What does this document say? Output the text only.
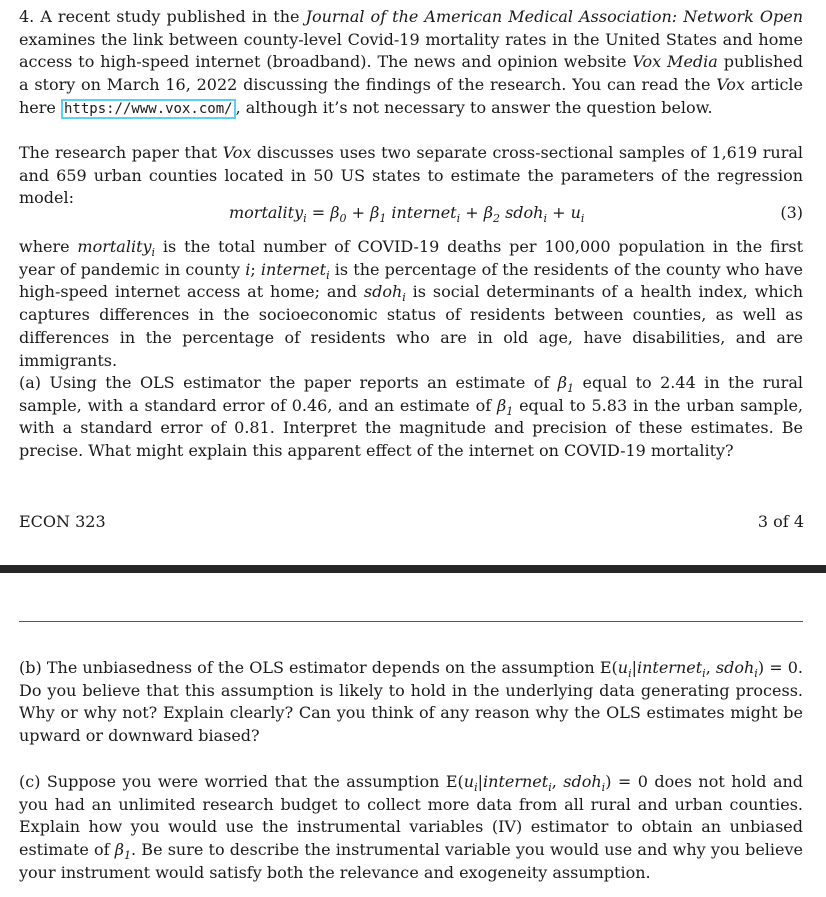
4. A recent study published in the Journal of the American Medical Association: Network Open examines the link between county-level Covid-19 mortality rates in the United States and home access to high-speed internet (broadband). The news and opinion website Vox Media published a story on March 16, 2022 discussing the findings of the research. You can read the Vox article here https://www.vox.com/ , although it’s not necessary to answer the question below.

The research paper that Vox discusses uses two separate cross-sectional samples of 1,619 rural and 659 urban counties located in 50 US states to estimate the parameters of the regression model:

mortality$_i$ = $\beta_0 + \beta_1$ internet$_i$ + $\beta_2$ sdoh$_i$ + $u_i$	(3)

where mortality$_i$ is the total number of COVID-19 deaths per 100,000 population in the first year of pandemic in county i; internet$_i$ is the percentage of the residents of the county who have high-speed internet access at home; and sdoh$_i$ is social determinants of a health index, which captures differences in the socioeconomic status of residents between counties, as well as differences in the percentage of residents who are in old age, have disabilities, and are immigrants.

(a) Using the OLS estimator the paper reports an estimate of $\beta_1$ equal to 2.44 in the rural sample, with a standard error of 0.46, and an estimate of $\beta_1$ equal to 5.83 in the urban sample, with a standard error of 0.81. Interpret the magnitude and precision of these estimates. Be precise. What might explain this apparent effect of the internet on COVID-19 mortality?

ECON 323	3 of 4

(b) The unbiasedness of the OLS estimator depends on the assumption $E(u_i|internet_i$, sdoh$_i$) = 0. Do you believe that this assumption is likely to hold in the underlying data generating process. Why or why not? Explain clearly? Can you think of any reason why the OLS estimates might be upward or downward biased?

(c) Suppose you were worried that the assumption $E(u_i|internet_i$, sdoh$_i$) = 0 does not hold and you had an unlimited research budget to collect more data from all rural and urban counties. Explain how you would use the instrumental variables (IV) estimator to obtain an unbiased estimate of $\beta_1$. Be sure to describe the instrumental variable you would use and why you believe your instrument would satisfy both the relevance and exogeneity assumption.
